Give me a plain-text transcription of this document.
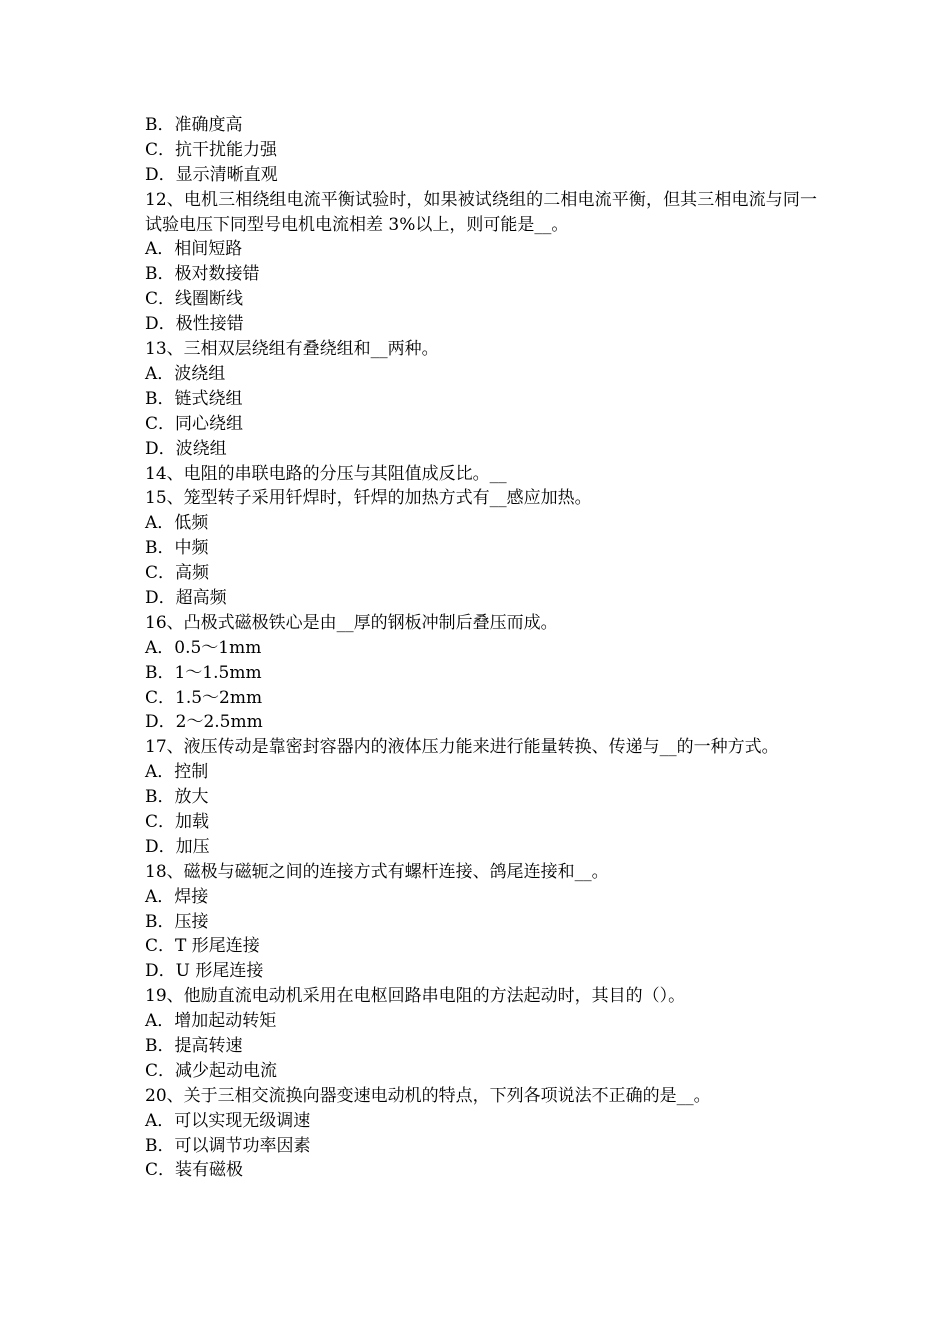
B．准确度高

C．抗干扰能力强

D．显示清晰直观

12、电机三相绕组电流平衡试验时，如果被试绕组的二相电流平衡，但其三相电流与同一试验电压下同型号电机电流相差 3%以上，则可能是__。

A．相间短路

B．极对数接错

C．线圈断线

D．极性接错

13、三相双层绕组有叠绕组和__两种。

A．波绕组

B．链式绕组

C．同心绕组

D．波绕组

14、电阻的串联电路的分压与其阻值成反比。__

15、笼型转子采用钎焊时，钎焊的加热方式有__感应加热。

A．低频

B．中频

C．高频

D．超高频

16、凸极式磁极铁心是由__厚的钢板冲制后叠压而成。

A．0.5～1mm

B．1～1.5mm

C．1.5～2mm

D．2～2.5mm

17、液压传动是靠密封容器内的液体压力能来进行能量转换、传递与__的一种方式。

A．控制

B．放大

C．加载

D．加压

18、磁极与磁轭之间的连接方式有螺杆连接、鸽尾连接和__。

A．焊接

B．压接

C．T 形尾连接

D．U 形尾连接

19、他励直流电动机采用在电枢回路串电阻的方法起动时，其目的（）。

A．增加起动转矩

B．提高转速

C．减少起动电流

20、关于三相交流换向器变速电动机的特点，下列各项说法不正确的是__。

A．可以实现无级调速

B．可以调节功率因素

C．装有磁极
